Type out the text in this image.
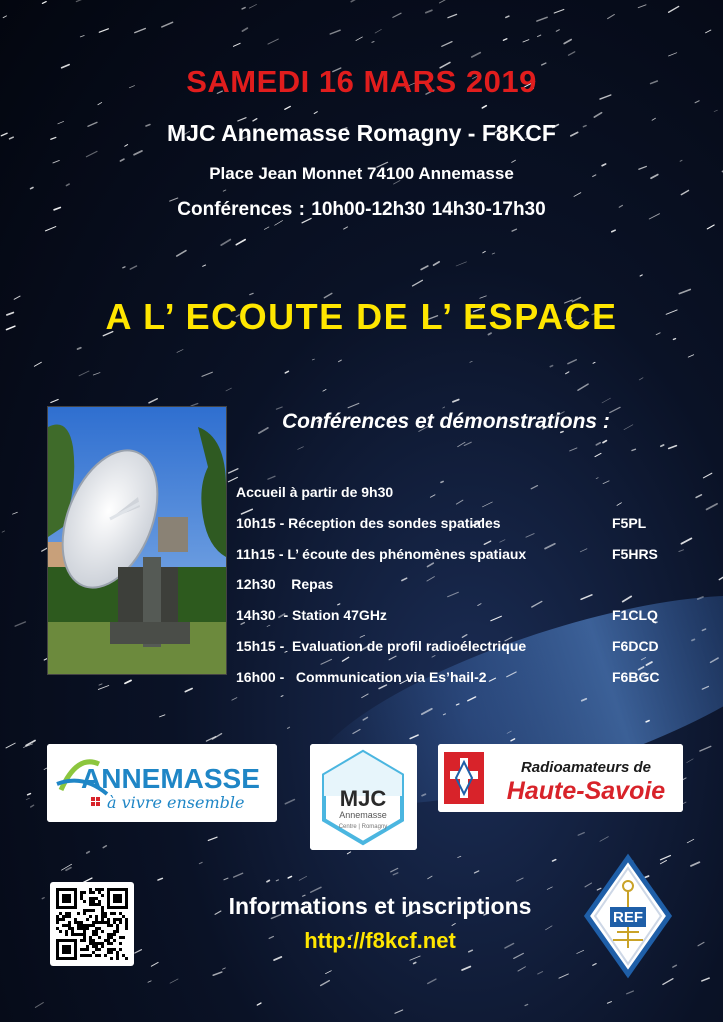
SAMEDI 16 MARS 2019
MJC Annemasse Romagny - F8KCF
Place Jean Monnet 74100 Annemasse
Conférences : 10h00-12h30 14h30-17h30
A L’ ECOUTE DE L’ ESPACE
Conférences et démonstrations :
Accueil à partir de 9h30
10h15 - Réception des sondes spatiales	F5PL
11h15 - L’ écoute des phénomènes spatiaux	F5HRS
12h30    Repas
14h30  - Station 47GHz	F1CLQ
15h15 -  Evaluation de profil radioélectrique	F6DCD
16h00 -   Communication via Es’hail-2	F6BGC
ANNEMASSE
à vivre ensemble	MJC
Annemasse
Centre | Romagny
Radioamateurs de
Haute-Savoie
Informations et inscriptions
http://f8kcf.net
REF
